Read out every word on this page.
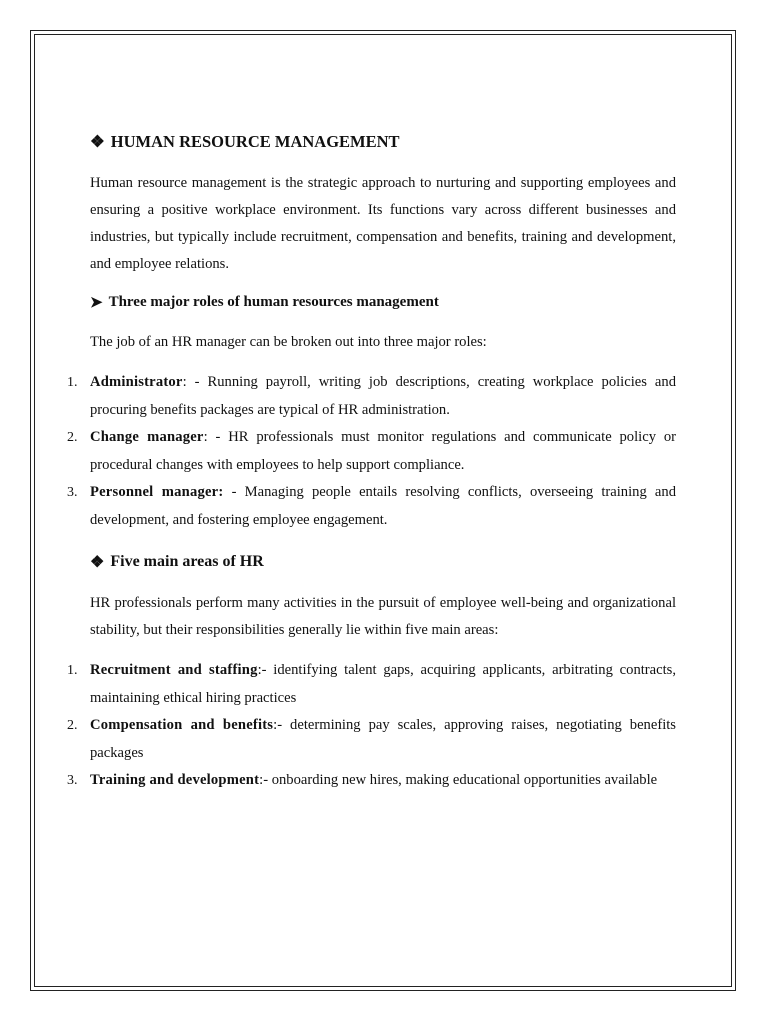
❖ HUMAN RESOURCE MANAGEMENT

Human resource management is the strategic approach to nurturing and supporting employees and ensuring a positive workplace environment. Its functions vary across different businesses and industries, but typically include recruitment, compensation and benefits, training and development, and employee relations.

➤ Three major roles of human resources management

The job of an HR manager can be broken out into three major roles:

1. Administrator: - Running payroll, writing job descriptions, creating workplace policies and procuring benefits packages are typical of HR administration.
2. Change manager: - HR professionals must monitor regulations and communicate policy or procedural changes with employees to help support compliance.
3. Personnel manager: - Managing people entails resolving conflicts, overseeing training and development, and fostering employee engagement.
❖ Five main areas of HR

HR professionals perform many activities in the pursuit of employee well-being and organizational stability, but their responsibilities generally lie within five main areas:

1. Recruitment and staffing:- identifying talent gaps, acquiring applicants, arbitrating contracts, maintaining ethical hiring practices
2. Compensation and benefits:- determining pay scales, approving raises, negotiating benefits packages
3. Training and development:- onboarding new hires, making educational opportunities available
